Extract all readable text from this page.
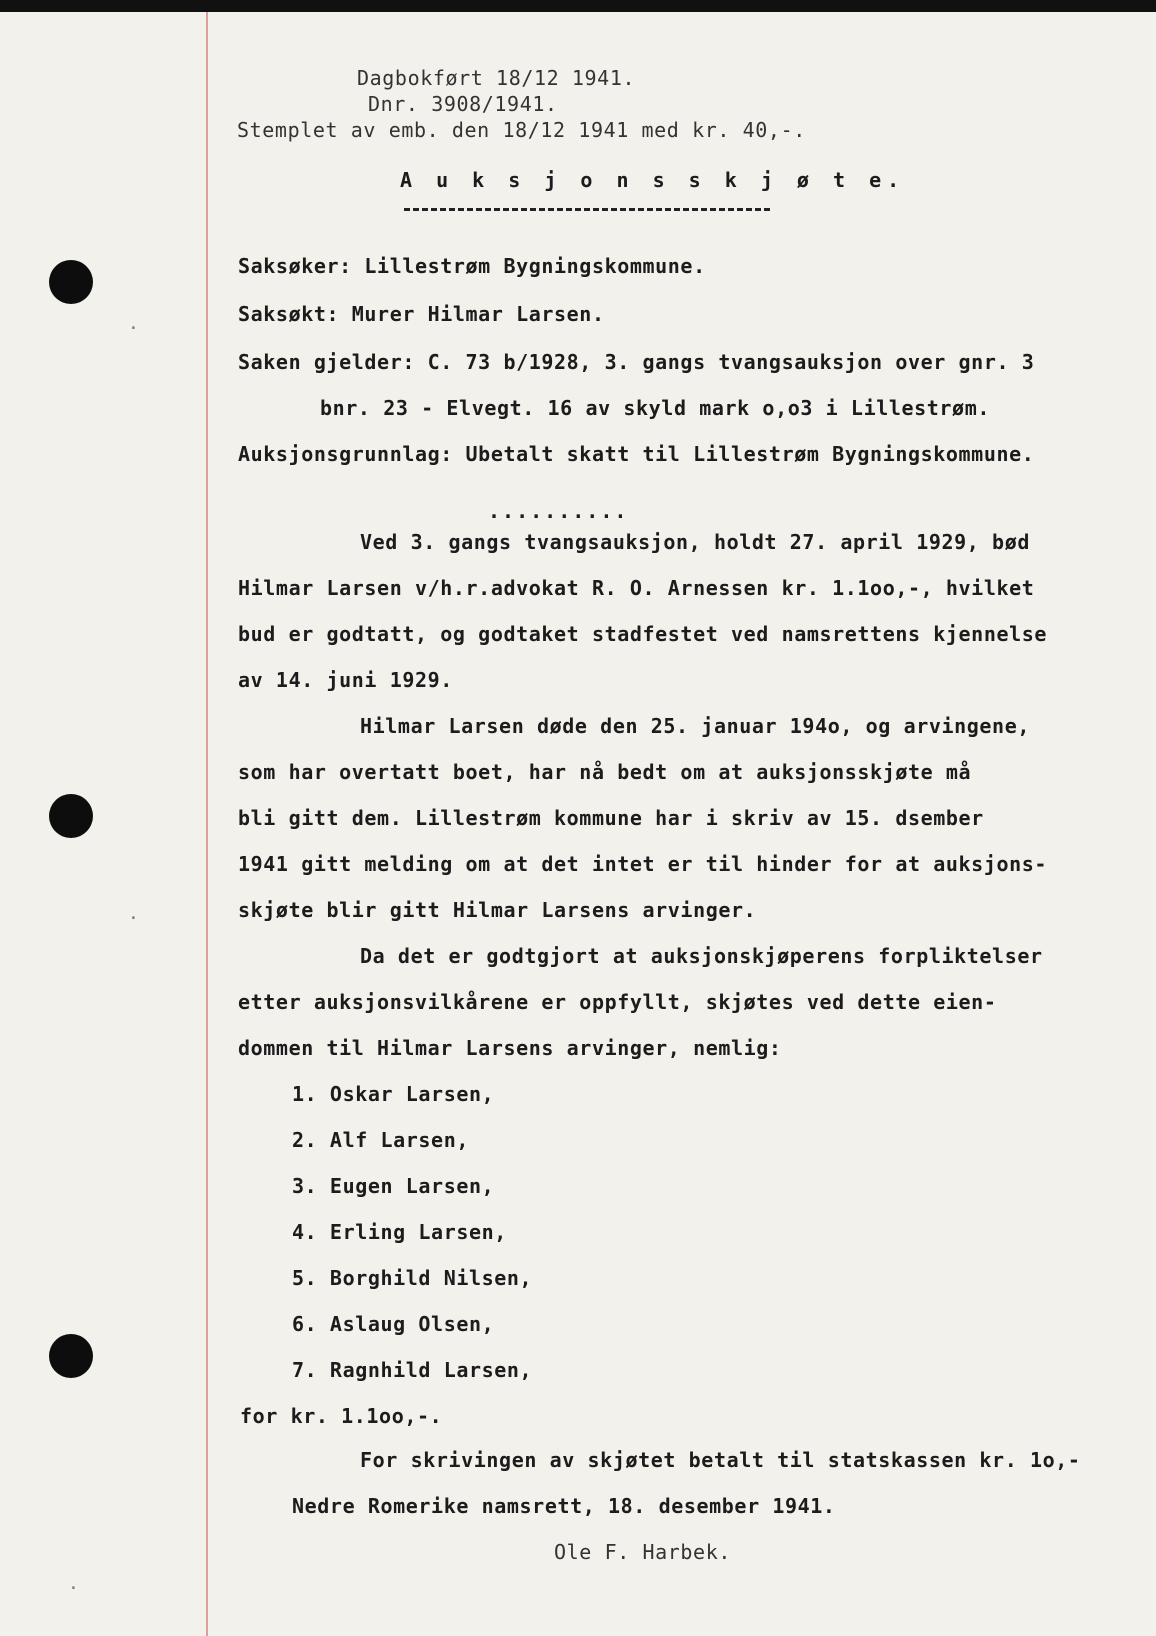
Dagbokført 18/12 1941.
Dnr. 3908/1941.
Stemplet av emb. den 18/12 1941 med kr. 40,-.
A u k s j o n s s k j ø t e.
Saksøker: Lillestrøm Bygningskommune.
Saksøkt: Murer Hilmar Larsen.
Saken gjelder: C. 73 b/1928, 3. gangs tvangsauksjon over gnr. 3
bnr. 23 - Elvegt. 16 av skyld mark o,o3 i Lillestrøm.
Auksjonsgrunnlag: Ubetalt skatt til Lillestrøm Bygningskommune.
..........
Ved 3. gangs tvangsauksjon, holdt 27. april 1929, bød
Hilmar Larsen v/h.r.advokat R. O. Arnessen kr. 1.1oo,-, hvilket
bud er godtatt, og godtaket stadfestet ved namsrettens kjennelse
av 14. juni 1929.
Hilmar Larsen døde den 25. januar 194o, og arvingene,
som har overtatt boet, har nå bedt om at auksjonsskjøte må
bli gitt dem. Lillestrøm kommune har i skriv av 15. dsember
1941 gitt melding om at det intet er til hinder for at auksjons-
skjøte blir gitt Hilmar Larsens arvinger.
Da det er godtgjort at auksjonskjøperens forpliktelser
etter auksjonsvilkårene er oppfyllt, skjøtes ved dette eien-
dommen til Hilmar Larsens arvinger, nemlig:
1. Oskar Larsen,
2. Alf Larsen,
3. Eugen Larsen,
4. Erling Larsen,
5. Borghild Nilsen,
6. Aslaug Olsen,
7. Ragnhild Larsen,
for kr. 1.1oo,-.
For skrivingen av skjøtet betalt til statskassen kr. 1o,-
Nedre Romerike namsrett, 18. desember 1941.
Ole F. Harbek.
·
·
·
